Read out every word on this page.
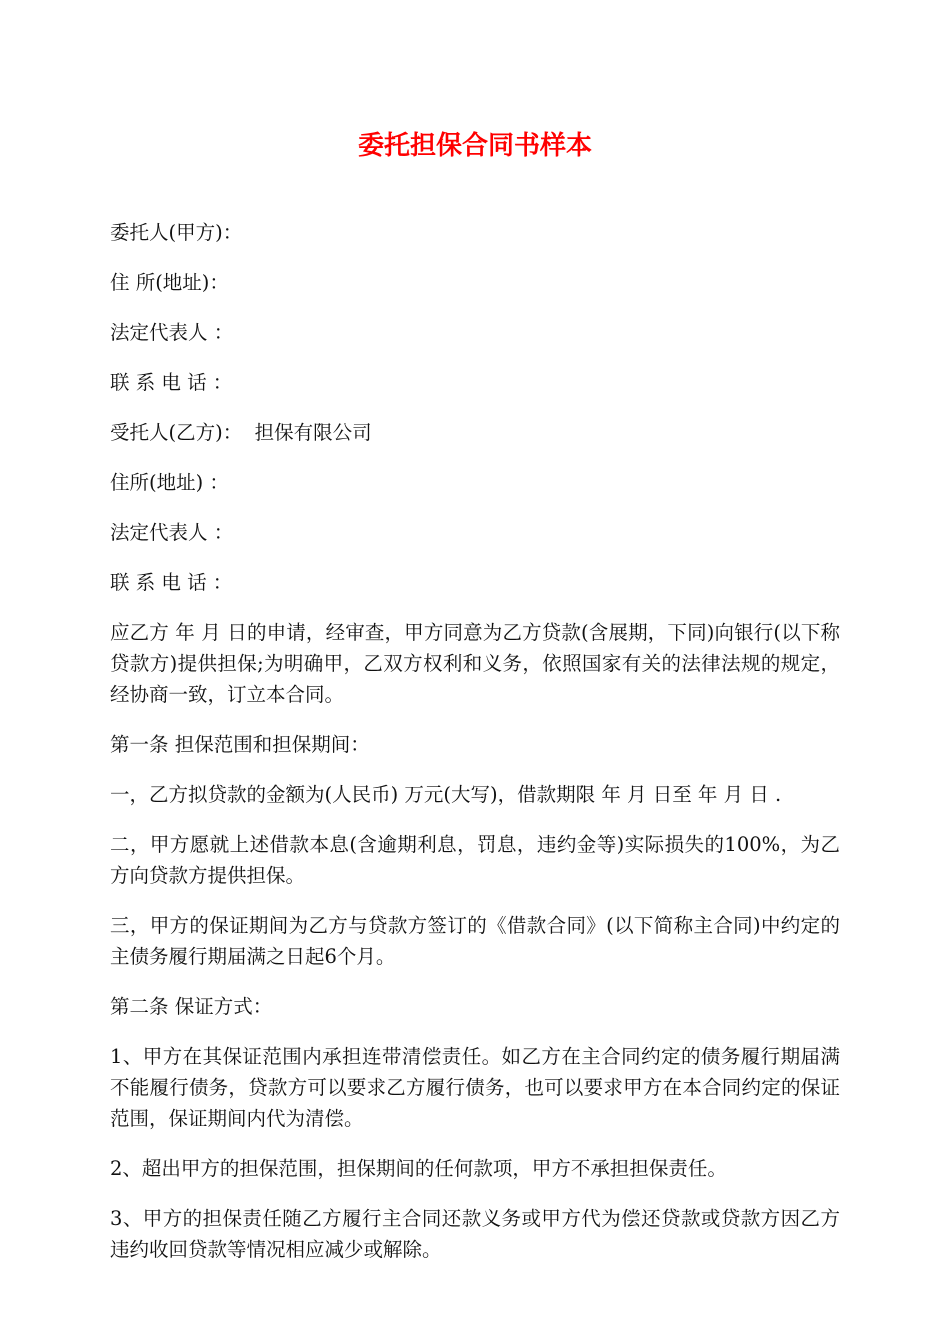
委托担保合同书样本

委托人(甲方)：

住 所(地址)：

法定代表人 ：

联 系 电 话 ：

受托人(乙方)：  担保有限公司

住所(地址) ：

法定代表人 ：

联 系 电 话 ：

应乙方 年 月 日的申请，经审查，甲方同意为乙方贷款(含展期，下同)向银行(以下称贷款方)提供担保;为明确甲，乙双方权利和义务，依照国家有关的法律法规的规定，经协商一致，订立本合同。

第一条 担保范围和担保期间：

一，乙方拟贷款的金额为(人民币) 万元(大写)，借款期限 年 月 日至 年 月 日 .

二，甲方愿就上述借款本息(含逾期利息，罚息，违约金等)实际损失的100%，为乙方向贷款方提供担保。

三，甲方的保证期间为乙方与贷款方签订的《借款合同》(以下简称主合同)中约定的主债务履行期届满之日起6个月。

第二条 保证方式：

1、甲方在其保证范围内承担连带清偿责任。如乙方在主合同约定的债务履行期届满不能履行债务，贷款方可以要求乙方履行债务，也可以要求甲方在本合同约定的保证范围，保证期间内代为清偿。

2、超出甲方的担保范围，担保期间的任何款项，甲方不承担担保责任。

3、甲方的担保责任随乙方履行主合同还款义务或甲方代为偿还贷款或贷款方因乙方违约收回贷款等情况相应减少或解除。
